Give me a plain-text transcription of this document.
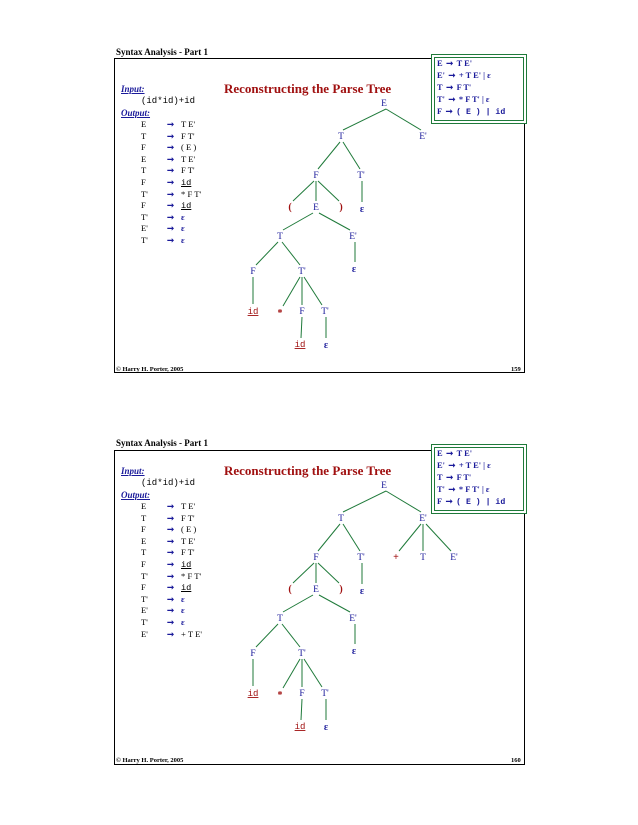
Syntax Analysis - Part 1
E ➞ T E'
E' ➞ + T E' | ε
T ➞ F T'
T' ➞ * F T' | ε
F ➞ ( E ) | id
Reconstructing the Parse Tree
Input:
(id*id)+id
Output:
E ➞ T E'
T ➞ F T'
F ➞ ( E )
E ➞ T E'
T ➞ F T'
F ➞ id
T' ➞ * F T'
F ➞ id
T' ➞ ε
E' ➞ ε
T' ➞ ε
© Harry H. Porter, 2005	159
Syntax Analysis - Part 1
E ➞ T E'
E' ➞ + T E' | ε
T ➞ F T'
T' ➞ * F T' | ε
F ➞ ( E ) | id
Reconstructing the Parse Tree
Input:
(id*id)+id
Output:
E ➞ T E'
T ➞ F T'
F ➞ ( E )
E ➞ T E'
T ➞ F T'
F ➞ id
T' ➞ * F T'
F ➞ id
T' ➞ ε
E' ➞ ε
T' ➞ ε
E' ➞ + T E'
© Harry H. Porter, 2005	160
E
T	E'
F	T'
( E ) ε
T	E'
ε
F	T'
id * F T'
id ε
E
T	E'
F	T'
( E ) ε
T	E'
ε
F	T'
id * F T'
id ε
+ T	E'
